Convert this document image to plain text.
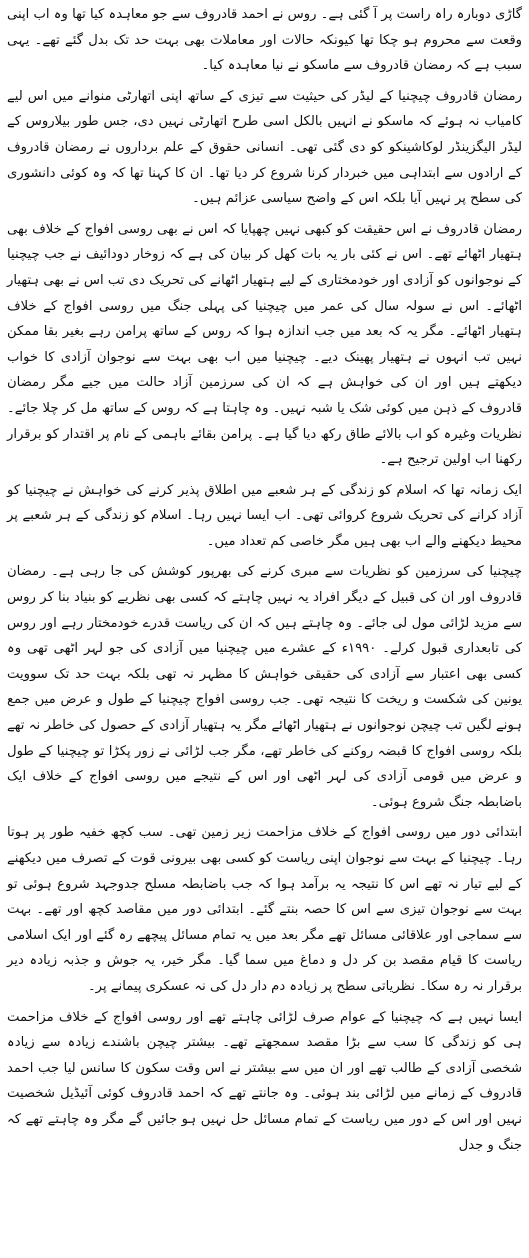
گاڑی دوبارہ راہ راست پر آ گئی ہے۔ روس نے احمد قادروف سے جو معاہدہ کیا تھا وہ اب اپنی وقعت سے محروم ہو چکا تھا کیونکہ حالات اور معاملات بھی بہت حد تک بدل گئے تھے۔ یہی سبب ہے کہ رمضان قادروف سے ماسکو نے نیا معاہدہ کیا۔

رمضان قادروف چیچنیا کے لیڈر کی حیثیت سے تیزی کے ساتھ اپنی اتھارٹی منوانے میں اس لیے کامیاب نہ ہوئے کہ ماسکو نے انہیں بالکل اسی طرح اتھارٹی نہیں دی، جس طور بیلاروس کے لیڈر الیگزینڈر لوکاشینکو کو دی گئی تھی۔ انسانی حقوق کے علم برداروں نے رمضان قادروف کے ارادوں سے ابتداہی میں خبردار کرنا شروع کر دیا تھا۔ ان کا کہنا تھا کہ وہ کوئی دانشوری کی سطح پر نہیں آیا بلکہ اس کے واضح سیاسی عزائم ہیں۔

رمضان قادروف نے اس حقیقت کو کبھی نہیں چھپایا کہ اس نے بھی روسی افواج کے خلاف بھی ہتھیار اٹھائے تھے۔ اس نے کئی بار یہ بات کھل کر بیان کی ہے کہ زوخار دودائیف نے جب چیچنیا کے نوجوانوں کو آزادی اور خودمختاری کے لیے ہتھیار اٹھانے کی تحریک دی تب اس نے بھی ہتھیار اٹھائے۔ اس نے سولہ سال کی عمر میں چیچنیا کی پہلی جنگ میں روسی افواج کے خلاف ہتھیار اٹھائے۔ مگر یہ کہ بعد میں جب اندازہ ہوا کہ روس کے ساتھ پرامن رہے بغیر بقا ممکن نہیں تب انہوں نے ہتھیار پھینک دیے۔ چیچنیا میں اب بھی بہت سے نوجوان آزادی کا خواب دیکھتے ہیں اور ان کی خواہش ہے کہ ان کی سرزمین آزاد حالت میں جیے مگر رمضان قادروف کے ذہن میں کوئی شک یا شبہ نہیں۔ وہ چاہتا ہے کہ روس کے ساتھ مل کر چلا جائے۔ نظریات وغیرہ کو اب بالائے طاق رکھ دیا گیا ہے۔ پرامن بقائے باہمی کے نام پر اقتدار کو برقرار رکھنا اب اولین ترجیح ہے۔

ایک زمانہ تھا کہ اسلام کو زندگی کے ہر شعبے میں اطلاق پذیر کرنے کی خواہش نے چیچنیا کو آزاد کرانے کی تحریک شروع کروائی تھی۔ اب ایسا نہیں رہا۔ اسلام کو زندگی کے ہر شعبے پر محیط دیکھنے والے اب بھی ہیں مگر خاصی کم تعداد میں۔

چیچنیا کی سرزمین کو نظریات سے مبری کرنے کی بھرپور کوشش کی جا رہی ہے۔ رمضان قادروف اور ان کی قبیل کے دیگر افراد یہ نہیں چاہتے کہ کسی بھی نظریے کو بنیاد بنا کر روس سے مزید لڑائی مول لی جائے۔ وہ چاہتے ہیں کہ ان کی ریاست قدرے خودمختار رہے اور روس کی تابعداری قبول کرلے۔ ۱۹۹۰ء کے عشرے میں چیچنیا میں آزادی کی جو لہر اٹھی تھی وہ کسی بھی اعتبار سے آزادی کی حقیقی خواہش کا مظہر نہ تھی بلکہ بہت حد تک سوویت یونین کی شکست و ریخت کا نتیجہ تھی۔ جب روسی افواج چیچنیا کے طول و عرض میں جمع ہونے لگیں تب چیچن نوجوانوں نے ہتھیار اٹھائے مگر یہ ہتھیار آزادی کے حصول کی خاطر نہ تھے بلکہ روسی افواج کا قبضہ روکنے کی خاطر تھے، مگر جب لڑائی نے زور پکڑا تو چیچنیا کے طول و عرض میں قومی آزادی کی لہر اٹھی اور اس کے نتیجے میں روسی افواج کے خلاف ایک باضابطہ جنگ شروع ہوئی۔

ابتدائی دور میں روسی افواج کے خلاف مزاحمت زیر زمین تھی۔ سب کچھ خفیہ طور پر ہوتا رہا۔ چیچنیا کے بہت سے نوجوان اپنی ریاست کو کسی بھی بیرونی قوت کے تصرف میں دیکھنے کے لیے تیار نہ تھے اس کا نتیجہ یہ برآمد ہوا کہ جب باضابطہ مسلح جدوجہد شروع ہوئی تو بہت سے نوجوان تیزی سے اس کا حصہ بنتے گئے۔ ابتدائی دور میں مقاصد کچھ اور تھے۔ بہت سے سماجی اور علاقائی مسائل تھے مگر بعد میں یہ تمام مسائل پیچھے رہ گئے اور ایک اسلامی ریاست کا قیام مقصد بن کر دل و دماغ میں سما گیا۔ مگر خیر، یہ جوش و جذبہ زیادہ دیر برقرار نہ رہ سکا۔ نظریاتی سطح پر زیادہ دم دار دل کی نہ عسکری پیمانے پر۔

ایسا نہیں ہے کہ چیچنیا کے عوام صرف لڑائی چاہتے تھے اور روسی افواج کے خلاف مزاحمت ہی کو زندگی کا سب سے بڑا مقصد سمجھتے تھے۔ بیشتر چیچن باشندے زیادہ سے زیادہ شخصی آزادی کے طالب تھے اور ان میں سے بیشتر نے اس وقت سکون کا سانس لیا جب احمد قادروف کے زمانے میں لڑائی بند ہوئی۔ وہ جانتے تھے کہ احمد قادروف کوئی آئیڈیل شخصیت نہیں اور اس کے دور میں ریاست کے تمام مسائل حل نہیں ہو جائیں گے مگر وہ چاہتے تھے کہ جنگ و جدل
